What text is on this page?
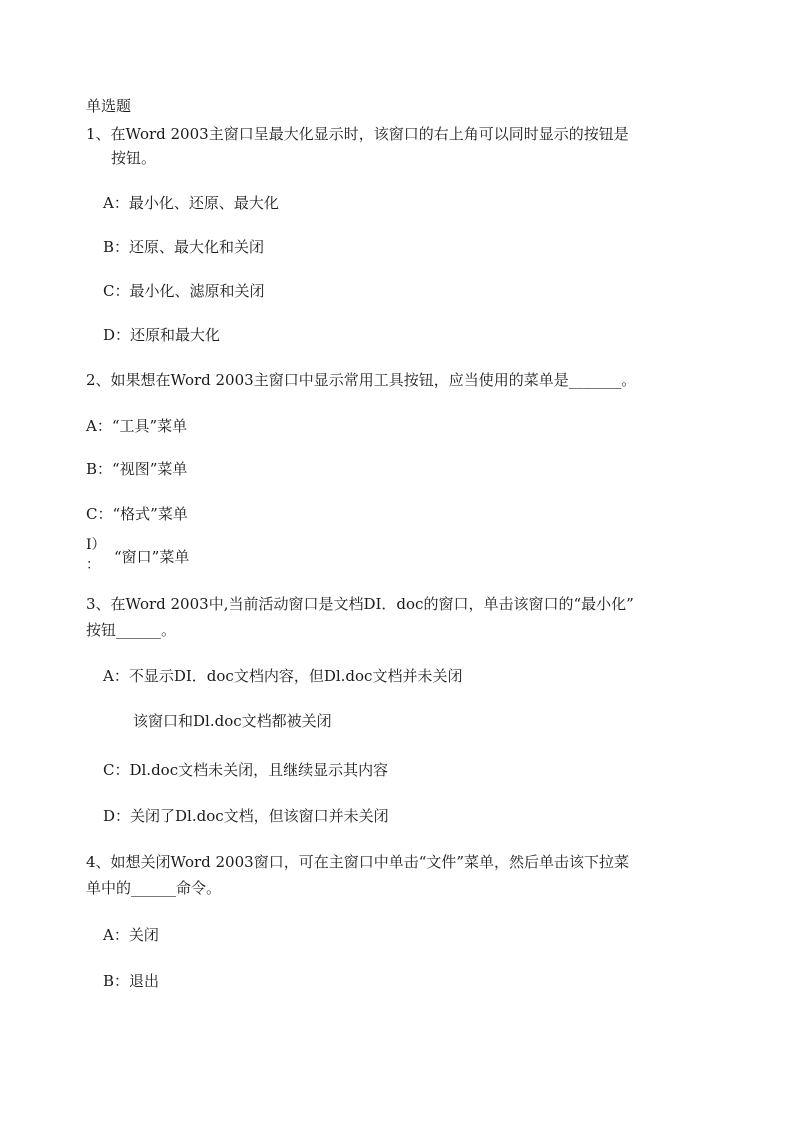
单选题
1、在Word 2003主窗口呈最大化显示时，该窗口的右上角可以同时显示的按钮是
按钮。
A：最小化、还原、最大化
B：还原、最大化和关闭
C：最小化、滤原和关闭
D：还原和最大化
2、如果想在Word 2003主窗口中显示常用工具按钮，应当使用的菜单是_______。
A：“工具”菜单
B：“视图”菜单
C：“格式”菜单
I）
： “窗口”菜单
3、在Word 2003中,当前活动窗口是文档DI．doc的窗口，单击该窗口的“最小化”
按钮______。
A：不显示DI．doc文档内容，但Dl.doc文档并未关闭
该窗口和Dl.doc文档都被关闭
C：Dl.doc文档未关闭，且继续显示其内容
D：关闭了Dl.doc文档，但该窗口并未关闭
4、如想关闭Word 2003窗口，可在主窗口中单击“文件”菜单，然后单击该下拉菜
单中的______命令。
A：关闭
B：退出
